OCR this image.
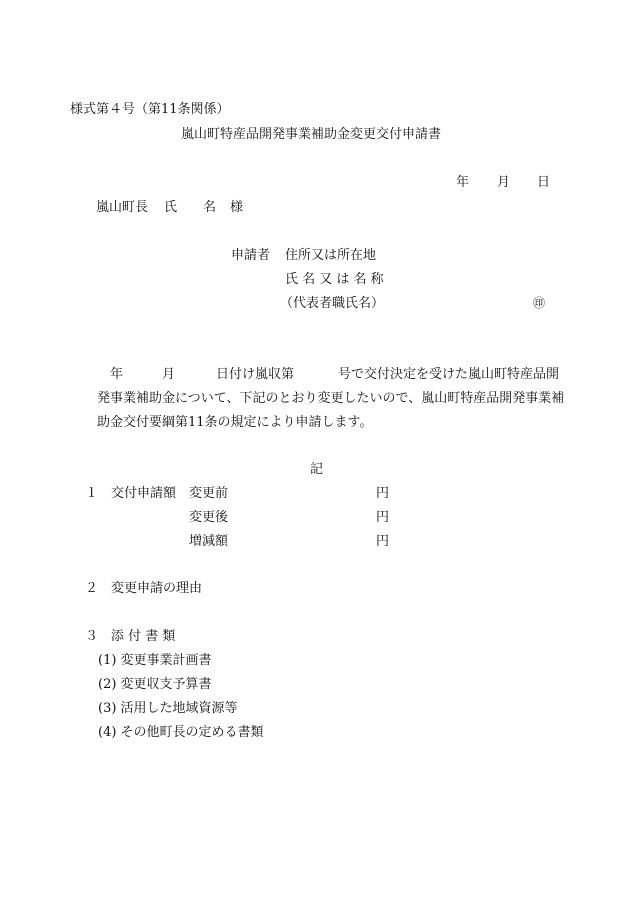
様式第４号（第11条関係）
嵐山町特産品開発事業補助金変更交付申請書
年 月 日
嵐山町長 氏 名 様
申請者 住所又は所在地
氏 名 又 は 名 称
（代表者職氏名）	㊞
年	月	日付け嵐収第	号で交付決定を受けた嵐山町特産品開
発事業補助金について、下記のとおり変更したいので、嵐山町特産品開発事業補
助金交付要綱第11条の規定により申請します。
記
１ 交付申請額 変更前	円
変更後	円
増減額	円
２ 変更申請の理由
３ 添 付 書 類
(1) 変更事業計画書
(2) 変更収支予算書
(3) 活用した地域資源等
(4) その他町長の定める書類
